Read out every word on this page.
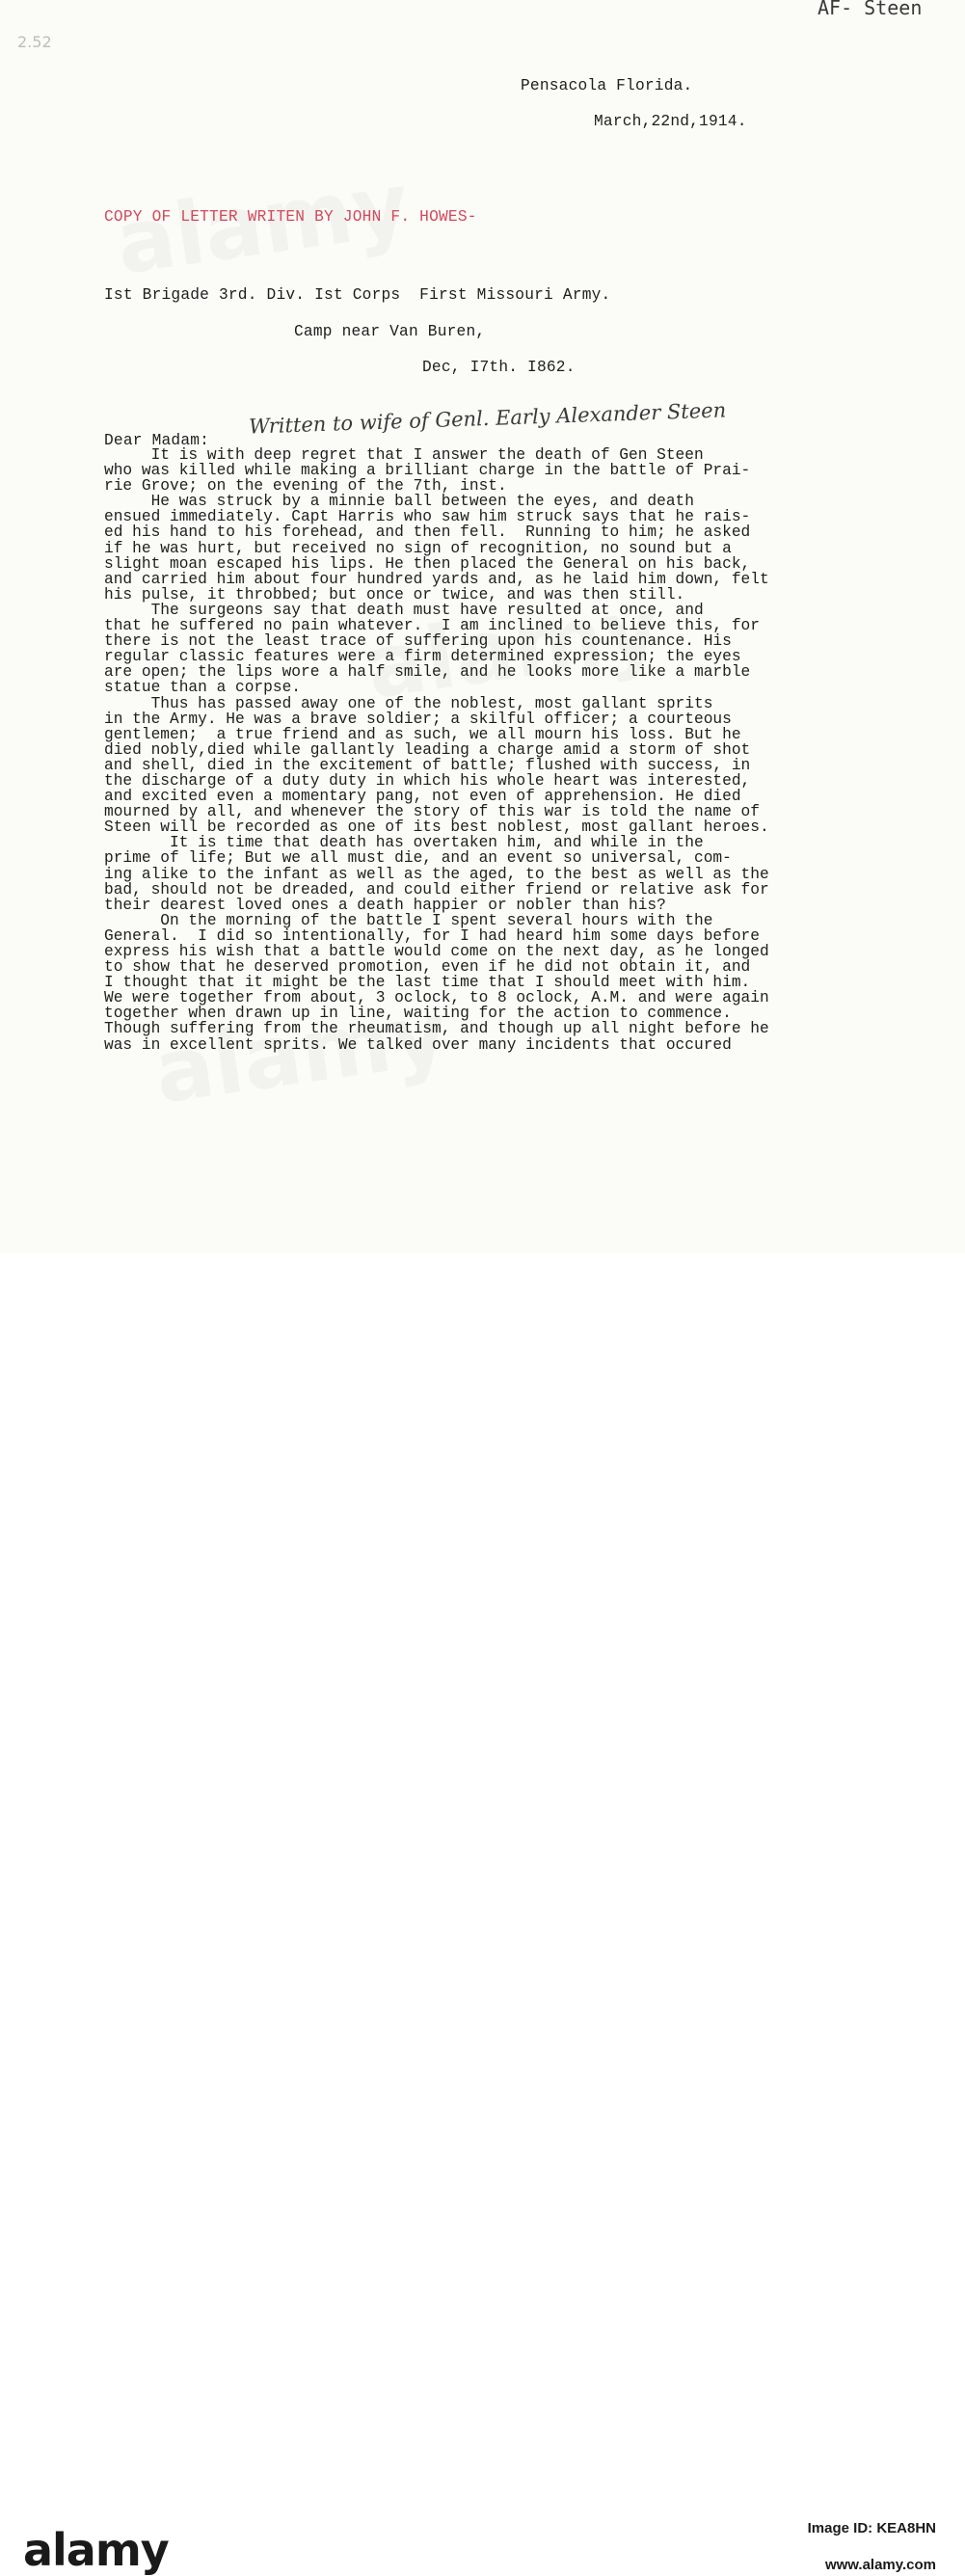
2.52
AF- Steen
Pensacola Florida.
March,22nd,1914.
COPY OF LETTER WRITEN BY JOHN F. HOWES-
Ist Brigade 3rd. Div. Ist Corps  First Missouri Army.
Camp near Van Buren,
Dec, I7th. I862.
Dear Madam:
Written to wife of Genl. Early Alexander Steen
It is with deep regret that I answer the death of Gen Steen
who was killed while making a brilliant charge in the battle of Prai-
rie Grove; on the evening of the 7th, inst.
He was struck by a minnie ball between the eyes, and death
ensued immediately. Capt Harris who saw him struck says that he rais-
ed his hand to his forehead, and then fell.  Running to him; he asked
if he was hurt, but received no sign of recognition, no sound but a
slight moan escaped his lips. He then placed the General on his back,
and carried him about four hundred yards and, as he laid him down, felt
his pulse, it throbbed; but once or twice, and was then still.
The surgeons say that death must have resulted at once, and
that he suffered no pain whatever.  I am inclined to believe this, for
there is not the least trace of suffering upon his countenance. His
regular classic features were a firm determined expression; the eyes
are open; the lips wore a half smile, and he looks more like a marble
statue than a corpse.
Thus has passed away one of the noblest, most gallant sprits
in the Army. He was a brave soldier; a skilful officer; a courteous
gentlemen;  a true friend and as such, we all mourn his loss. But he
died nobly,died while gallantly leading a charge amid a storm of shot
and shell, died in the excitement of battle; flushed with success, in
the discharge of a duty duty in which his whole heart was interested,
and excited even a momentary pang, not even of apprehension. He died
mourned by all, and whenever the story of this war is told the name of
Steen will be recorded as one of its best noblest, most gallant heroes.
It is time that death has overtaken him, and while in the
prime of life; But we all must die, and an event so universal, com-
ing alike to the infant as well as the aged, to the best as well as the
bad, should not be dreaded, and could either friend or relative ask for
their dearest loved ones a death happier or nobler than his?
On the morning of the battle I spent several hours with the
General.  I did so intentionally, for I had heard him some days before
express his wish that a battle would come on the next day, as he longed
to show that he deserved promotion, even if he did not obtain it, and
I thought that it might be the last time that I should meet with him.
We were together from about, 3 oclock, to 8 oclock, A.M. and were again
together when drawn up in line, waiting for the action to commence.
Though suffering from the rheumatism, and though up all night before he
was in excellent sprits. We talked over many incidents that occured
alamy	Image ID: KEA8HN
www.alamy.com
